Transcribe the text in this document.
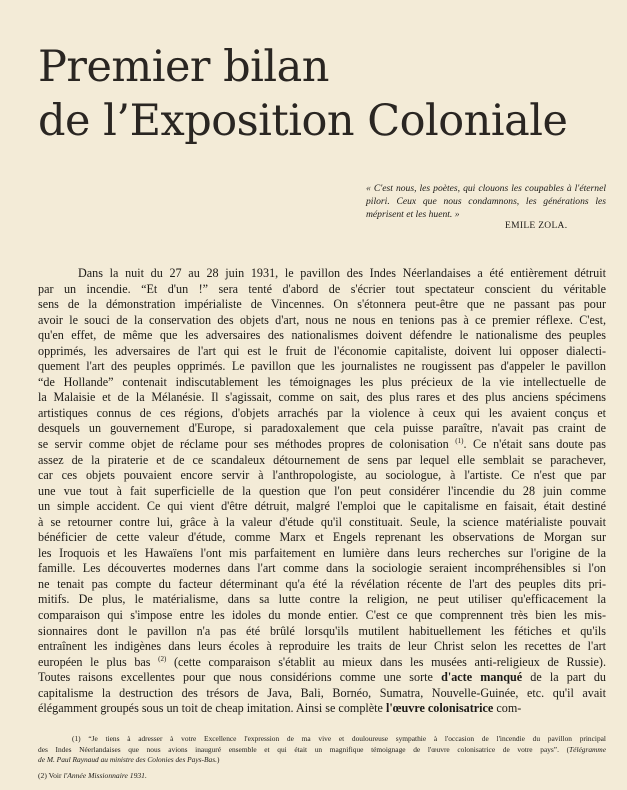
Premier bilan
de l’Exposition Coloniale
« C'est nous, les poètes, qui clouons les coupables à l'éternel pilori. Ceux que nous condamnons, les générations les méprisent et les huent. »
EMILE ZOLA.
Dans la nuit du 27 au 28 juin 1931, le pavillon des Indes Néerlandaises a été entièrement détruit
par un incendie. “Et d'un !” sera tenté d'abord de s'écrier tout spectateur conscient du véritable
sens de la démonstration impérialiste de Vincennes. On s'étonnera peut-être que ne passant pas pour
avoir le souci de la conservation des objets d'art, nous ne nous en tenions pas à ce premier réflexe. C'est,
qu'en effet, de même que les adversaires des nationalismes doivent défendre le nationalisme des peuples
opprimés, les adversaires de l'art qui est le fruit de l'économie capitaliste, doivent lui opposer dialecti-
quement l'art des peuples opprimés. Le pavillon que les journalistes ne rougissent pas d'appeler le pavillon
“de Hollande” contenait indiscutablement les témoignages les plus précieux de la vie intellectuelle de
la Malaisie et de la Mélanésie. Il s'agissait, comme on sait, des plus rares et des plus anciens spécimens
artistiques connus de ces régions, d'objets arrachés par la violence à ceux qui les avaient conçus et
desquels un gouvernement d'Europe, si paradoxalement que cela puisse paraître, n'avait pas craint de
se servir comme objet de réclame pour ses méthodes propres de colonisation $^{(1)}$. Ce n'était sans doute pas
assez de la piraterie et de ce scandaleux détournement de sens par lequel elle semblait se parachever,
car ces objets pouvaient encore servir à l'anthropologiste, au sociologue, à l'artiste. Ce n'est que par
une vue tout à fait superficielle de la question que l'on peut considérer l'incendie du 28 juin comme
un simple accident. Ce qui vient d'être détruit, malgré l'emploi que le capitalisme en faisait, était destiné
à se retourner contre lui, grâce à la valeur d'étude qu'il constituait. Seule, la science matérialiste pouvait
bénéficier de cette valeur d'étude, comme Marx et Engels reprenant les observations de Morgan sur
les Iroquois et les Hawaïens l'ont mis parfaitement en lumière dans leurs recherches sur l'origine de la
famille. Les découvertes modernes dans l'art comme dans la sociologie seraient incompréhensibles si l'on
ne tenait pas compte du facteur déterminant qu'a été la révélation récente de l'art des peuples dits pri-
mitifs. De plus, le matérialisme, dans sa lutte contre la religion, ne peut utiliser qu'efficacement la
comparaison qui s'impose entre les idoles du monde entier. C'est ce que comprennent très bien les mis-
sionnaires dont le pavillon n'a pas été brûlé lorsqu'ils mutilent habituellement les fétiches et qu'ils
entraînent les indigènes dans leurs écoles à reproduire les traits de leur Christ selon les recettes de l'art
européen le plus bas $^{(2)}$ (cette comparaison s'établit au mieux dans les musées anti-religieux de Russie).
Toutes raisons excellentes pour que nous considérions comme une sorte d'acte manqué de la part du
capitalisme la destruction des trésors de Java, Bali, Bornéo, Sumatra, Nouvelle-Guinée, etc. qu'il avait
élégamment groupés sous un toit de cheap imitation. Ainsi se complète l'œuvre colonisatrice com-
(1) “Je tiens à adresser à votre Excellence l'expression de ma vive et douloureuse sympathie à l'occasion de l'incendie du pavillon principal
des Indes Néerlandaises que nous avions inauguré ensemble et qui était un magnifique témoignage de l'œuvre colonisatrice de votre pays”. (Télégramme
de M. Paul Raynaud au ministre des Colonies des Pays-Bas.)
(2) Voir l'Année Missionnaire 1931.
